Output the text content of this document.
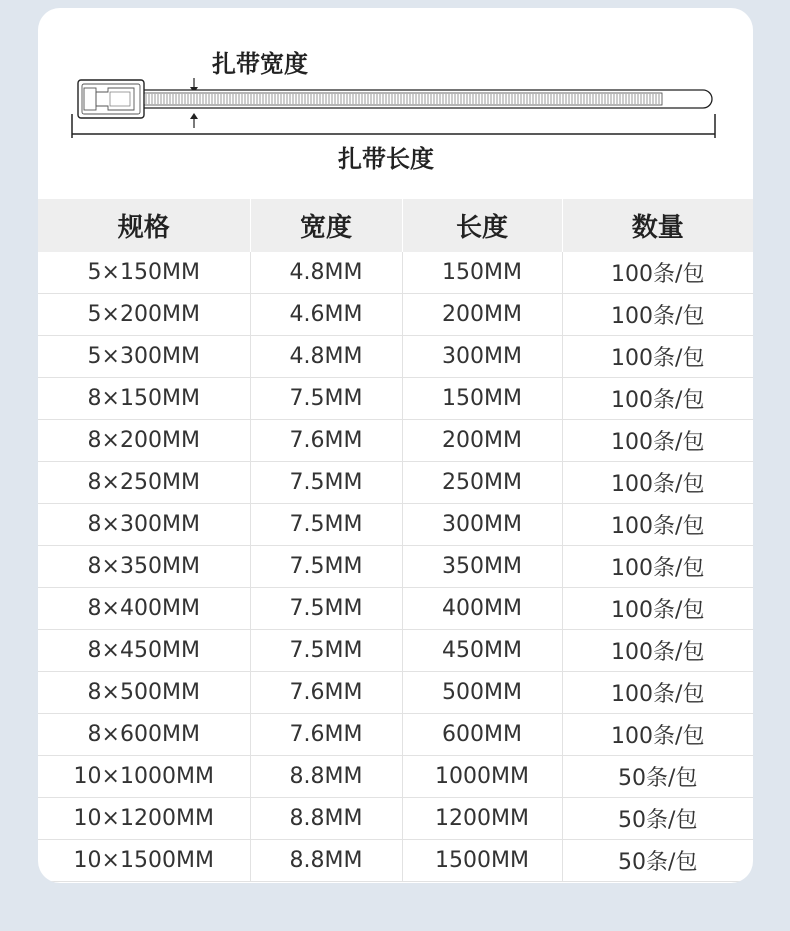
扎带宽度
扎带长度
规格	宽度	长度	数量
5×150MM	4.8MM	150MM	100条/包
5×200MM	4.6MM	200MM	100条/包
5×300MM	4.8MM	300MM	100条/包
8×150MM	7.5MM	150MM	100条/包
8×200MM	7.6MM	200MM	100条/包
8×250MM	7.5MM	250MM	100条/包
8×300MM	7.5MM	300MM	100条/包
8×350MM	7.5MM	350MM	100条/包
8×400MM	7.5MM	400MM	100条/包
8×450MM	7.5MM	450MM	100条/包
8×500MM	7.6MM	500MM	100条/包
8×600MM	7.6MM	600MM	100条/包
10×1000MM	8.8MM	1000MM	50条/包
10×1200MM	8.8MM	1200MM	50条/包
10×1500MM	8.8MM	1500MM	50条/包
